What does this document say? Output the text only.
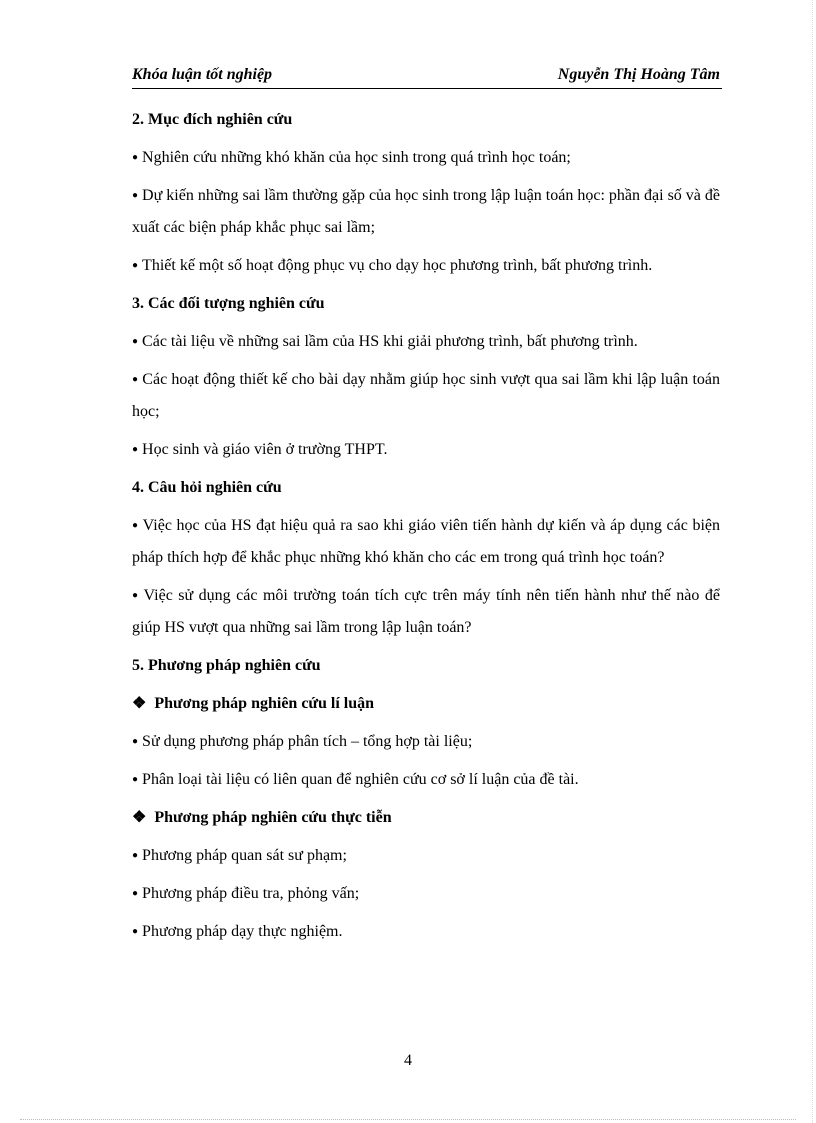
Khóa luận tốt nghiệp	Nguyễn Thị Hoàng Tâm

2. Mục đích nghiên cứu

● Nghiên cứu những khó khăn của học sinh trong quá trình học toán;

● Dự kiến những sai lầm thường gặp của học sinh trong lập luận toán học: phần đại số và đề xuất các biện pháp khắc phục sai lầm;

● Thiết kế một số hoạt động phục vụ cho dạy học phương trình, bất phương trình.

3. Các đối tượng nghiên cứu

● Các tài liệu về những sai lầm của HS khi giải phương trình, bất phương trình.

● Các hoạt động thiết kế cho bài dạy nhằm giúp học sinh vượt qua sai lầm khi lập luận toán học;

● Học sinh và giáo viên ở trường THPT.

4. Câu hỏi nghiên cứu

● Việc học của HS đạt hiệu quả ra sao khi giáo viên tiến hành dự kiến và áp dụng các biện pháp thích hợp để khắc phục những khó khăn cho các em trong quá trình học toán?

● Việc sử dụng các môi trường toán tích cực trên máy tính nên tiến hành như thế nào để giúp HS vượt qua những sai lầm trong lập luận toán?

5. Phương pháp nghiên cứu

❖ Phương pháp nghiên cứu lí luận

● Sử dụng phương pháp phân tích – tổng hợp tài liệu;

● Phân loại tài liệu có liên quan để nghiên cứu cơ sở lí luận của đề tài.

❖ Phương pháp nghiên cứu thực tiễn

● Phương pháp quan sát sư phạm;

● Phương pháp điều tra, phỏng vấn;

● Phương pháp dạy thực nghiệm.

4
